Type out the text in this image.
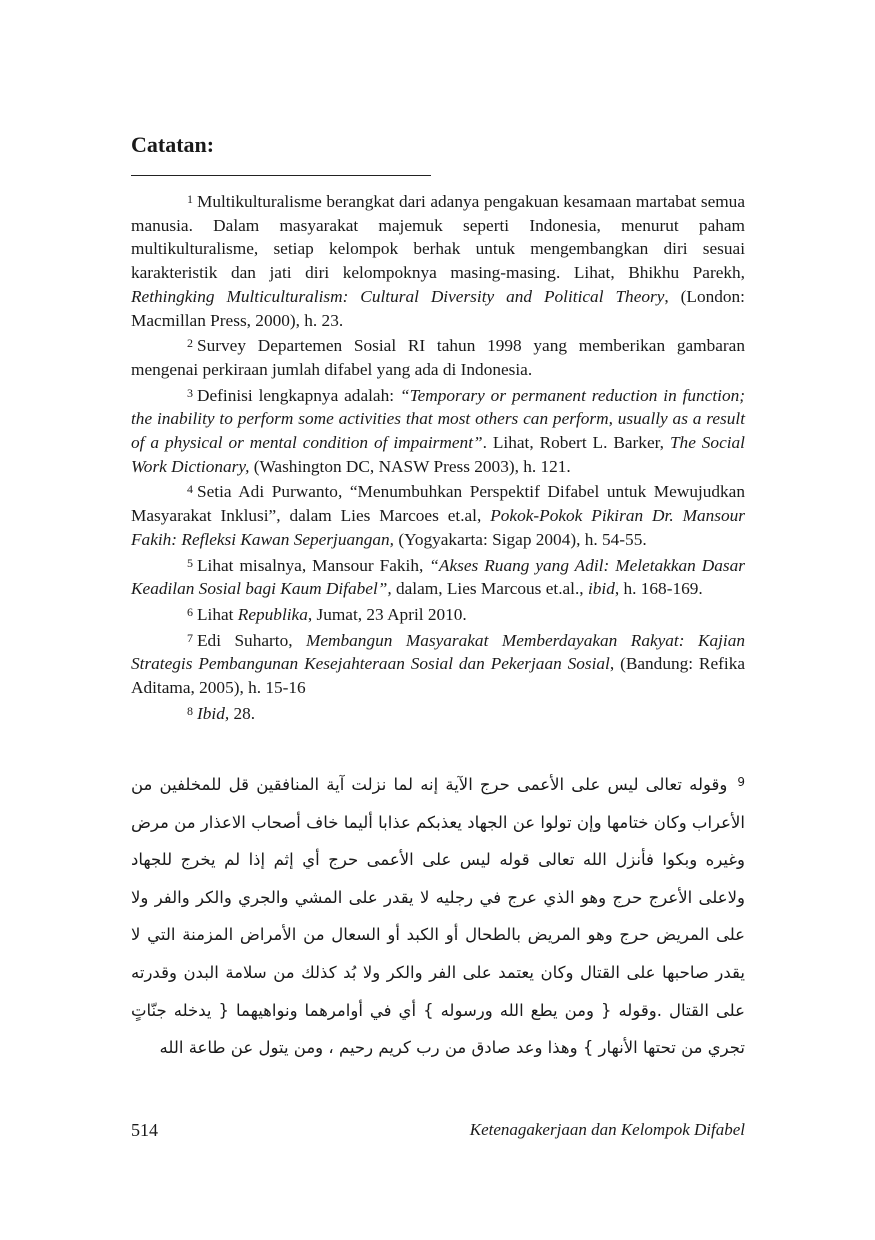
Catatan:

$^1$ Multikulturalisme berangkat dari adanya pengakuan kesamaan martabat semua manusia. Dalam masyarakat majemuk seperti Indonesia, menurut paham multikulturalisme, setiap kelompok berhak untuk mengembangkan diri sesuai karakteristik dan jati diri kelompoknya masing-masing. Lihat, Bhikhu Parekh, Rethingking Multiculturalism: Cultural Diversity and Political Theory, (London: Macmillan Press, 2000), h. 23.

$^2$ Survey Departemen Sosial RI tahun 1998 yang memberikan gambaran mengenai perkiraan jumlah difabel yang ada di Indonesia.

$^3$ Definisi lengkapnya adalah: “Temporary or permanent reduction in function; the inability to perform some activities that most others can perform, usually as a result of a physical or mental condition of impairment”. Lihat, Robert L. Barker, The Social Work Dictionary, (Washington DC, NASW Press 2003), h. 121.

$^4$ Setia Adi Purwanto, “Menumbuhkan Perspektif Difabel untuk Mewujudkan Masyarakat Inklusi”, dalam Lies Marcoes et.al, Pokok-Pokok Pikiran Dr. Mansour Fakih: Refleksi Kawan Seperjuangan, (Yogyakarta: Sigap 2004), h. 54-55.

$^5$ Lihat misalnya, Mansour Fakih, “Akses Ruang yang Adil: Meletakkan Dasar Keadilan Sosial bagi Kaum Difabel”, dalam, Lies Marcous et.al., ibid, h. 168-169.

$^6$ Lihat Republika, Jumat, 23 April 2010.

$^7$ Edi Suharto, Membangun Masyarakat Memberdayakan Rakyat: Kajian Strategis Pembangunan Kesejahteraan Sosial dan Pekerjaan Sosial, (Bandung: Refika Aditama, 2005), h. 15-16

$^8$ Ibid, 28.

$^9$وقوله تعالى ليس على الأعمى حرج الآية إنه لما نزلت آية المنافقين قل للمخلفين من الأعراب وكان ختامها وإن تولوا عن الجهاد يعذبكم عذابا أليما خاف أصحاب الاعذار من مرض وغيره وبكوا فأنزل الله تعالى قوله ليس على الأعمى حرج أي إثم إذا لم يخرج للجهاد ولاعلى الأعرج حرج وهو الذي عرج في رجليه لا يقدر على المشي والجري والكر والفر ولا على المريض حرج وهو المريض بالطحال أو الكبد أو السعال من الأمراض المزمنة التي لا يقدر صاحبها على القتال وكان يعتمد على الفر والكر ولا بُد كذلك من سلامة البدن وقدرته على القتال .وقوله { ومن يطع الله ورسوله } أي في أوامرهما ونواهيهما { يدخله جنّاتٍ تجري من تحتها الأنهار } وهذا وعد صادق من رب كريم رحيم ، ومن يتول عن طاعة الله
514	Ketenagakerjaan dan Kelompok Difabel
